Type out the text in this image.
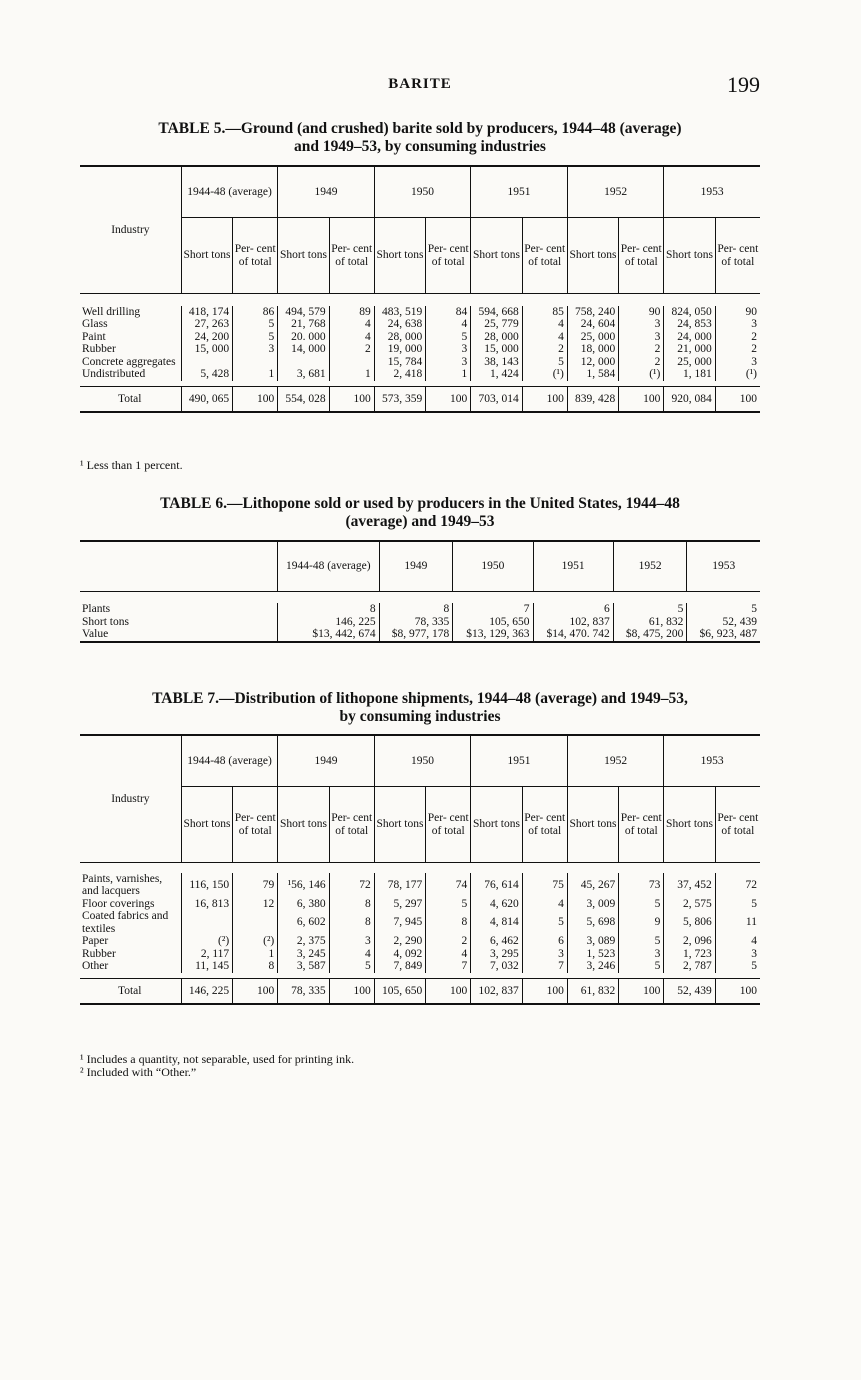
BARITE	199
TABLE 5.—Ground (and crushed) barite sold by producers, 1944–48 (average)
and 1949–53, by consuming industries
Industry	1944-48 (average)		1949		1950		1951		1952		1953	
	Short tons	Per- cent of total	Short tons	Per- cent of total	Short tons	Per- cent of total	Short tons	Per- cent of total	Short tons	Per- cent of total	Short tons	Per- cent of total

Well drilling	418, 174	86	494, 579	89	483, 519	84	594, 668	85	758, 240	90	824, 050	90
Glass	27, 263	5	21, 768	4	24, 638	4	25, 779	4	24, 604	3	24, 853	3
Paint	24, 200	5	20. 000	4	28, 000	5	28, 000	4	25, 000	3	24, 000	2
Rubber	15, 000	3	14, 000	2	19, 000	3	15, 000	2	18, 000	2	21, 000	2
Concrete aggregates					15, 784	3	38, 143	5	12, 000	2	25, 000	3
Undistributed	5, 428	1	3, 681	1	2, 418	1	1, 424	(¹)	1, 584	(¹)	1, 181	(¹)

Total	490, 065	100	554, 028	100	573, 359	100	703, 014	100	839, 428	100	920, 084	100
¹ Less than 1 percent.
TABLE 6.—Lithopone sold or used by producers in the United States, 1944–48
(average) and 1949–53
	1944-48 (average)	1949	1950	1951	1952	1953

Plants	8	8	7	6	5	5
Short tons	146, 225	78, 335	105, 650	102, 837	61, 832	52, 439
Value	$13, 442, 674	$8, 977, 178	$13, 129, 363	$14, 470. 742	$8, 475, 200	$6, 923, 487
TABLE 7.—Distribution of lithopone shipments, 1944–48 (average) and 1949–53,
by consuming industries
Industry	1944-48 (average)		1949		1950		1951		1952		1953	
	Short tons	Per- cent of total	Short tons	Per- cent of total	Short tons	Per- cent of total	Short tons	Per- cent of total	Short tons	Per- cent of total	Short tons	Per- cent of total

Paints, varnishes, and lacquers	116, 150	79	¹56, 146	72	78, 177	74	76, 614	75	45, 267	73	37, 452	72
Floor coverings	16, 813	12	6, 380	8	5, 297	5	4, 620	4	3, 009	5	2, 575	5
Coated fabrics and textiles			6, 602	8	7, 945	8	4, 814	5	5, 698	9	5, 806	11
Paper	(²)	(²)	2, 375	3	2, 290	2	6, 462	6	3, 089	5	2, 096	4
Rubber	2, 117	1	3, 245	4	4, 092	4	3, 295	3	1, 523	3	1, 723	3
Other	11, 145	8	3, 587	5	7, 849	7	7, 032	7	3, 246	5	2, 787	5

Total	146, 225	100	78, 335	100	105, 650	100	102, 837	100	61, 832	100	52, 439	100
¹ Includes a quantity, not separable, used for printing ink.
² Included with “Other.”
